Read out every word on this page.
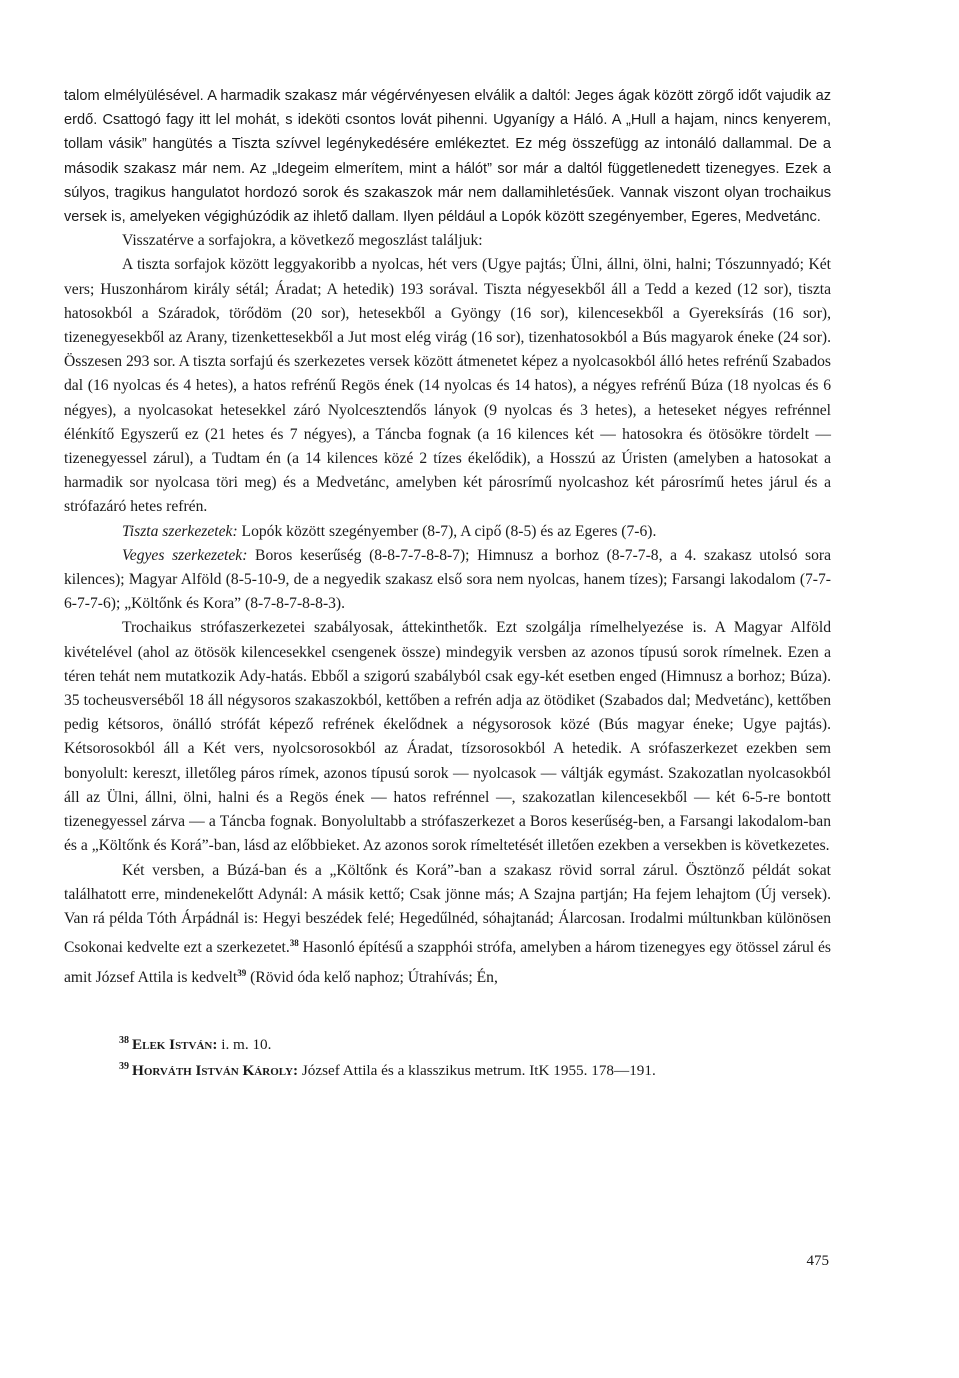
talom elmélyülésével. A harmadik szakasz már végérvényesen elválik a daltól: Jeges ágak között zörgő időt vajudik az erdő. Csattogó fagy itt lel mohát, s ideköti csontos lovát pihenni. Ugyanígy a Háló. A „Hull a hajam, nincs kenyerem, tollam vásik” hangütés a Tiszta szívvel legénykedésére emlékeztet. Ez még összefügg az intonáló dallammal. De a második szakasz már nem. Az „Idegeim elmerítem, mint a hálót” sor már a daltól függetlenedett tizenegyes. Ezek a súlyos, tragikus hangulatot hordozó sorok és szakaszok már nem dallamihletésűek. Vannak viszont olyan trochaikus versek is, amelyeken végighúzódik az ihlető dallam. Ilyen például a Lopók között szegényember, Egeres, Medvetánc.

Visszatérve a sorfajokra, a következő megoszlást találjuk:

A tiszta sorfajok között leggyakoribb a nyolcas, hét vers (Ugye pajtás; Ülni, állni, ölni, halni; Tószunnyadó; Két vers; Huszonhárom király sétál; Áradat; A hetedik) 193 sorával. Tiszta négyesekből áll a Tedd a kezed (12 sor), tiszta hatosokból a Száradok, törődöm (20 sor), hetesekből a Gyöngy (16 sor), kilencesekből a Gyereksírás (16 sor), tizenegyesekből az Arany, tizenkettesekből a Jut most elég virág (16 sor), tizenhatosokból a Bús magyarok éneke (24 sor). Összesen 293 sor. A tiszta sorfajú és szerkezetes versek között átmenetet képez a nyolcasokból álló hetes refrénű Szabados dal (16 nyolcas és 4 hetes), a hatos refrénű Regös ének (14 nyolcas és 14 hatos), a négyes refrénű Búza (18 nyolcas és 6 négyes), a nyolcasokat hetesekkel záró Nyolcesztendős lányok (9 nyolcas és 3 hetes), a heteseket négyes refrénnel élénkítő Egyszerű ez (21 hetes és 7 négyes), a Táncba fognak (a 16 kilences két — hatosokra és ötösökre tördelt — tizenegyessel zárul), a Tudtam én (a 14 kilences közé 2 tízes ékelődik), a Hosszú az Úristen (amelyben a hatosokat a harmadik sor nyolcasa töri meg) és a Medvetánc, amelyben két párosrímű nyolcashoz két párosrímű hetes járul és a strófazáró hetes refrén.

Tiszta szerkezetek: Lopók között szegényember (8-7), A cipő (8-5) és az Egeres (7-6).

Vegyes szerkezetek: Boros keserűség (8-8-7-7-8-8-7); Himnusz a borhoz (8-7-7-8, a 4. szakasz utolsó sora kilences); Magyar Alföld (8-5-10-9, de a negyedik szakasz első sora nem nyolcas, hanem tízes); Farsangi lakodalom (7-7-6-7-7-6); „Költőnk és Kora” (8-7-8-7-8-8-3).

Trochaikus strófaszerkezetei szabályosak, áttekinthetők. Ezt szolgálja rímelhelyezése is. A Magyar Alföld kivételével (ahol az ötösök kilencesekkel csengenek össze) mindegyik versben az azonos típusú sorok rímelnek. Ezen a téren tehát nem mutatkozik Ady-hatás. Ebből a szigorú szabályból csak egy-két esetben enged (Himnusz a borhoz; Búza). 35 tocheusverséből 18 áll négysoros szakaszokból, kettőben a refrén adja az ötödiket (Szabados dal; Medvetánc), kettőben pedig kétsoros, önálló strófát képező refrének ékelődnek a négysorosok közé (Bús magyar éneke; Ugye pajtás). Kétsorosokból áll a Két vers, nyolcsorosokból az Áradat, tízsorosokból A hetedik. A srófaszerkezet ezekben sem bonyolult: kereszt, illetőleg páros rímek, azonos típusú sorok — nyolcasok — váltják egymást. Szakozatlan nyolcasokból áll az Ülni, állni, ölni, halni és a Regös ének — hatos refrénnel —, szakozatlan kilencesekből — két 6-5-re bontott tizenegyessel zárva — a Táncba fognak. Bonyolultabb a strófaszerkezet a Boros keserűség-ben, a Farsangi lakodalom-ban és a „Költőnk és Korá”-ban, lásd az előbbieket. Az azonos sorok rímeltetését illetően ezekben a versekben is következetes.

Két versben, a Búzá-ban és a „Költőnk és Korá”-ban a szakasz rövid sorral zárul. Ösztönző példát sokat találhatott erre, mindenekelőtt Adynál: A másik kettő; Csak jönne más; A Szajna partján; Ha fejem lehajtom (Új versek). Van rá példa Tóth Árpádnál is: Hegyi beszédek felé; Hegedűlnéd, sóhajtanád; Álarcosan. Irodalmi múltunkban különösen Csokonai kedvelte ezt a szerkezetet.$^{38}$ Hasonló építésű a szapphói strófa, amelyben a három tizenegyes egy ötössel zárul és amit József Attila is kedvelt$^{39}$ (Rövid óda kelő naphoz; Útrahívás; Én,

$^{38}$ Elek István: i. m. 10.

$^{39}$ Horváth István Károly: József Attila és a klasszikus metrum. ItK 1955. 178—191.

475
